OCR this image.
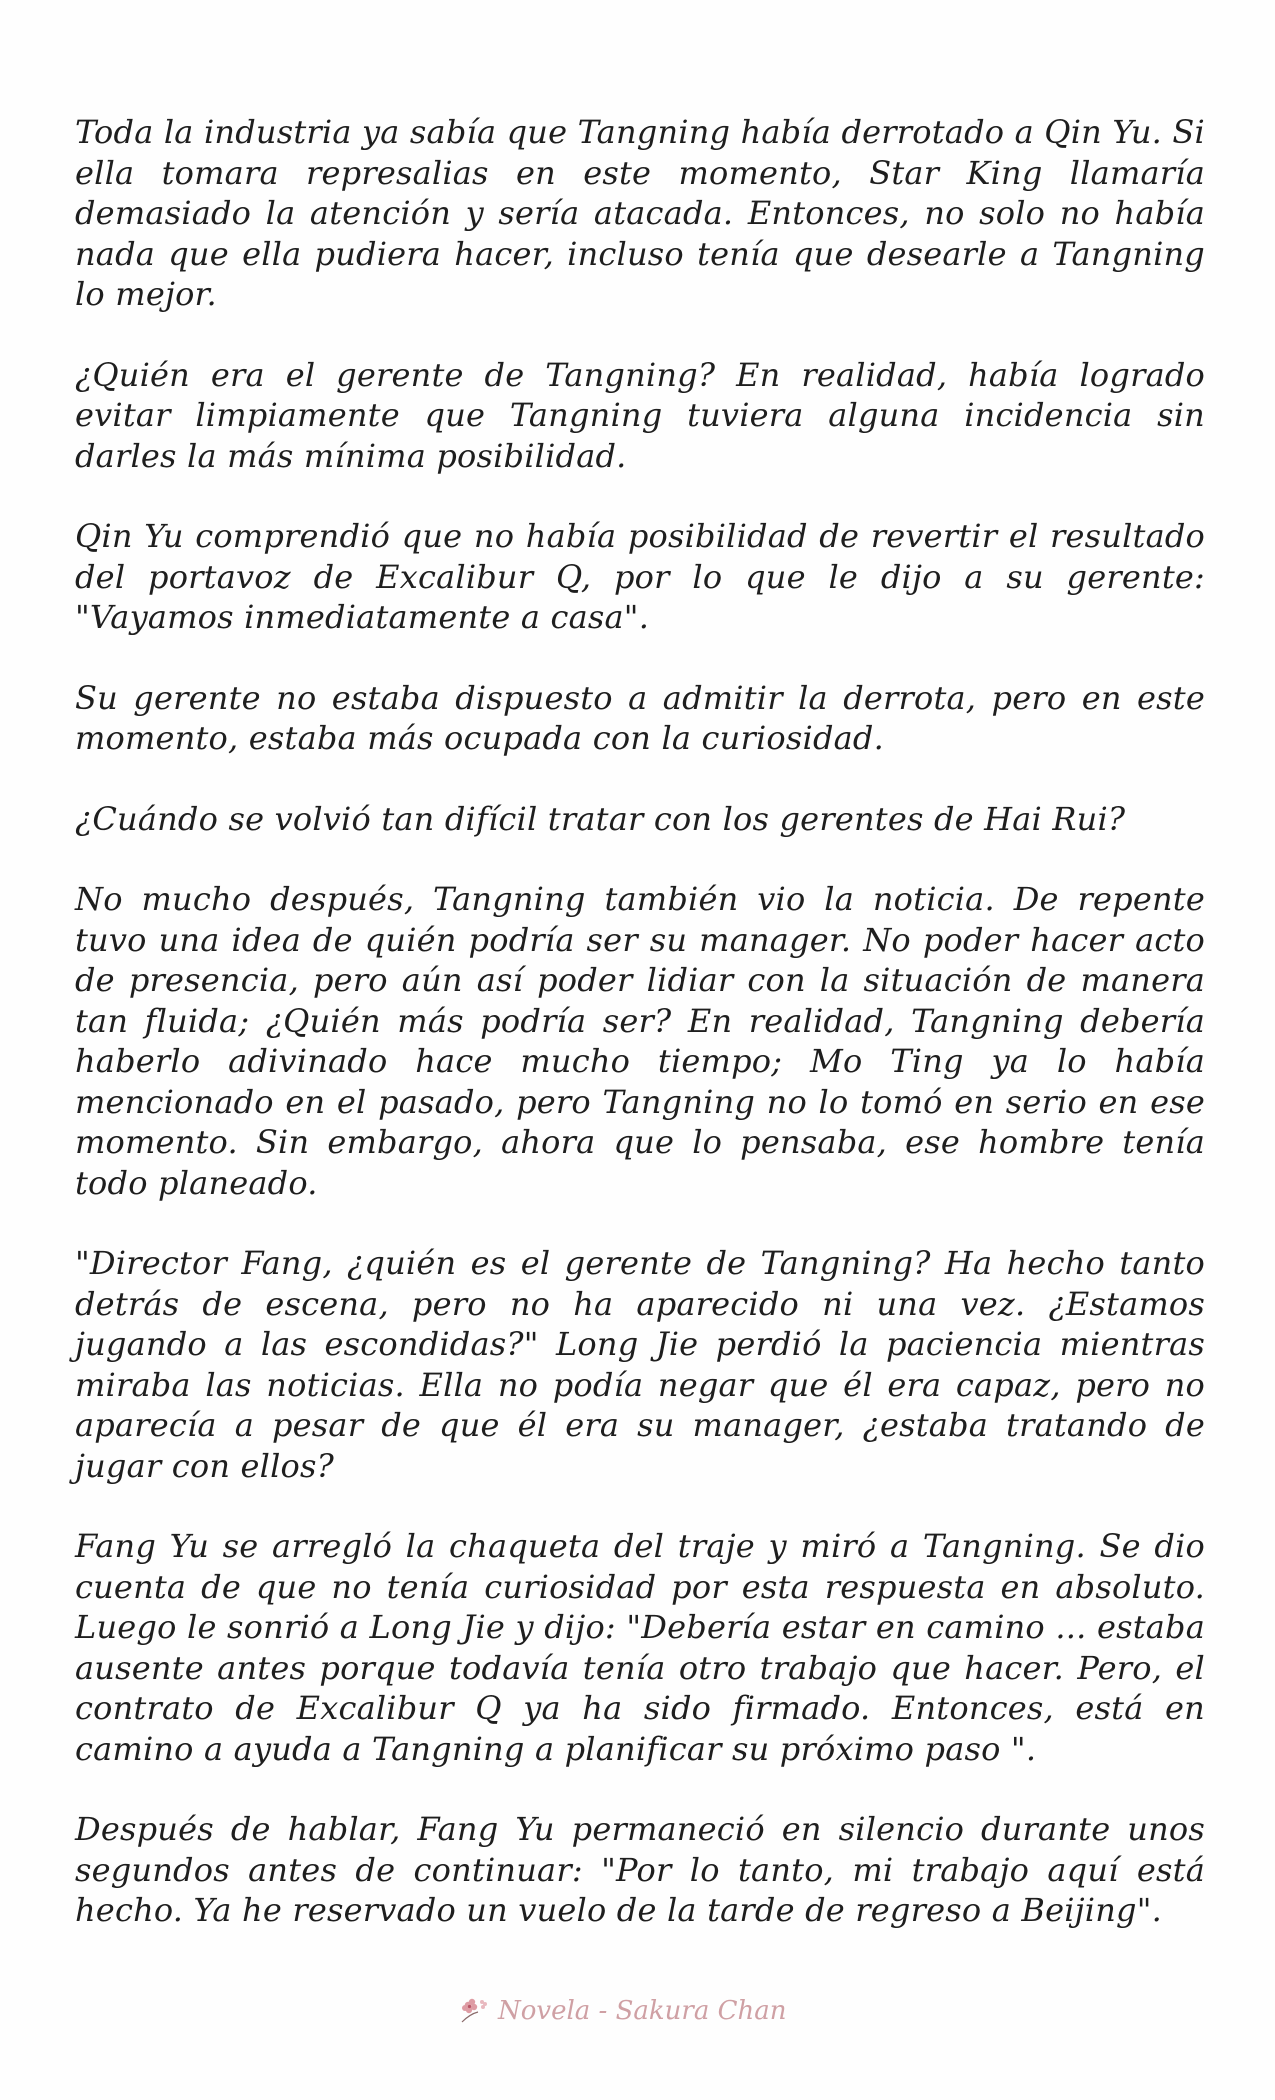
Toda la industria ya sabía que Tangning había derrotado a Qin Yu. Si ella tomara represalias en este momento, Star King llamaría demasiado la atención y sería atacada. Entonces, no solo no había nada que ella pudiera hacer, incluso tenía que desearle a Tangning lo mejor.

¿Quién era el gerente de Tangning? En realidad, había logrado evitar limpiamente que Tangning tuviera alguna incidencia sin darles la más mínima posibilidad.

Qin Yu comprendió que no había posibilidad de revertir el resultado del portavoz de Excalibur Q, por lo que le dijo a su gerente: "Vayamos inmediatamente a casa".

Su gerente no estaba dispuesto a admitir la derrota, pero en este momento, estaba más ocupada con la curiosidad.

¿Cuándo se volvió tan difícil tratar con los gerentes de Hai Rui?

No mucho después, Tangning también vio la noticia. De repente tuvo una idea de quién podría ser su manager. No poder hacer acto de presencia, pero aún así poder lidiar con la situación de manera tan fluida; ¿Quién más podría ser? En realidad, Tangning debería haberlo adivinado hace mucho tiempo; Mo Ting ya lo había mencionado en el pasado, pero Tangning no lo tomó en serio en ese momento. Sin embargo, ahora que lo pensaba, ese hombre tenía todo planeado.

"Director Fang, ¿quién es el gerente de Tangning? Ha hecho tanto detrás de escena, pero no ha aparecido ni una vez. ¿Estamos jugando a las escondidas?" Long Jie perdió la paciencia mientras miraba las noticias. Ella no podía negar que él era capaz, pero no aparecía a pesar de que él era su manager, ¿estaba tratando de jugar con ellos?

Fang Yu se arregló la chaqueta del traje y miró a Tangning. Se dio cuenta de que no tenía curiosidad por esta respuesta en absoluto. Luego le sonrió a Long Jie y dijo: "Debería estar en camino ... estaba ausente antes porque todavía tenía otro trabajo que hacer. Pero, el contrato de Excalibur Q ya ha sido firmado. Entonces, está en camino a ayuda a Tangning a planificar su próximo paso ".

Después de hablar, Fang Yu permaneció en silencio durante unos segundos antes de continuar: "Por lo tanto, mi trabajo aquí está hecho. Ya he reservado un vuelo de la tarde de regreso a Beijing".

Novela - Sakura Chan
